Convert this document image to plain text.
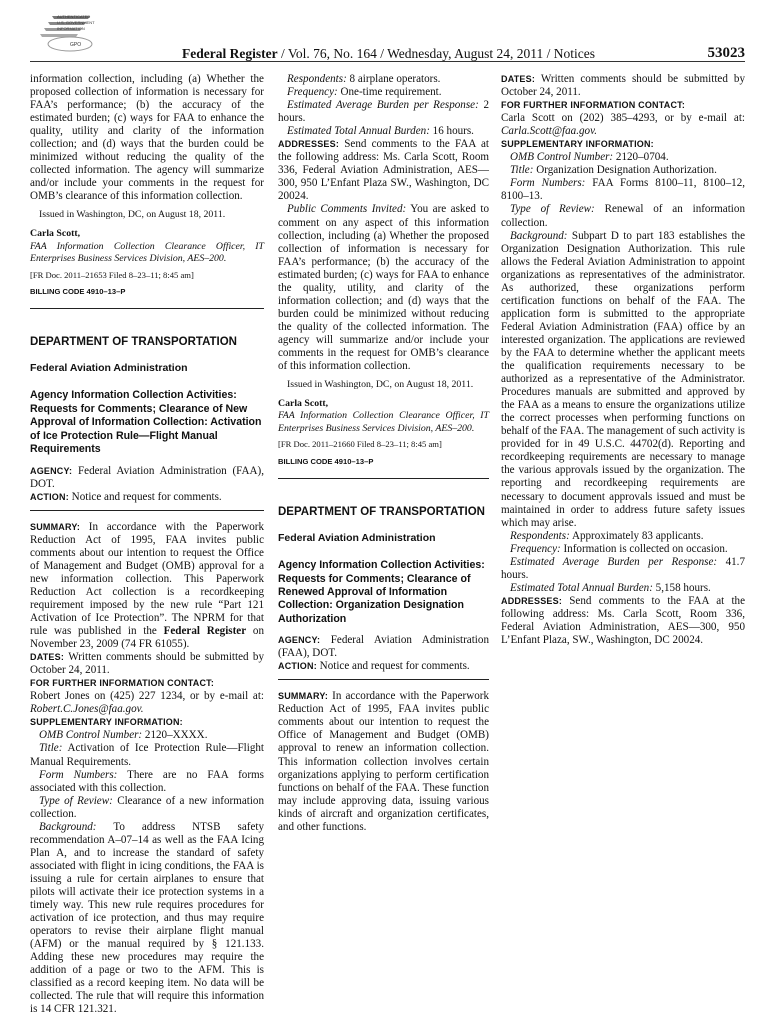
AUTHENTICATED
U.S. GOVERNMENT
INFORMATION
GPO
Federal Register / Vol. 76, No. 164 / Wednesday, August 24, 2011 / Notices	53023

information collection, including (a) Whether the proposed collection of information is necessary for FAA’s performance; (b) the accuracy of the estimated burden; (c) ways for FAA to enhance the quality, utility and clarity of the information collection; and (d) ways that the burden could be minimized without reducing the quality of the collected information. The agency will summarize and/or include your comments in the request for OMB’s clearance of this information collection.

Issued in Washington, DC, on August 18, 2011.

Carla Scott,

FAA Information Collection Clearance Officer, IT Enterprises Business Services Division, AES–200.

[FR Doc. 2011–21653 Filed 8–23–11; 8:45 am]

BILLING CODE 4910–13–P

DEPARTMENT OF TRANSPORTATION

Federal Aviation Administration

Agency Information Collection Activities: Requests for Comments; Clearance of New Approval of Information Collection: Activation of Ice Protection Rule—Flight Manual Requirements

AGENCY: Federal Aviation Administration (FAA), DOT.

ACTION: Notice and request for comments.

SUMMARY: In accordance with the Paperwork Reduction Act of 1995, FAA invites public comments about our intention to request the Office of Management and Budget (OMB) approval for a new information collection. This Paperwork Reduction Act collection is a recordkeeping requirement imposed by the new rule “Part 121 Activation of Ice Protection”. The NPRM for that rule was published in the Federal Register on November 23, 2009 (74 FR 61055).

DATES: Written comments should be submitted by October 24, 2011.

FOR FURTHER INFORMATION CONTACT:

Robert Jones on (425) 227 1234, or by e-mail at: Robert.C.Jones@faa.gov.

SUPPLEMENTARY INFORMATION:

OMB Control Number: 2120–XXXX.

Title: Activation of Ice Protection Rule—Flight Manual Requirements.

Form Numbers: There are no FAA forms associated with this collection.

Type of Review: Clearance of a new information collection.

Background: To address NTSB safety recommendation A–07–14 as well as the FAA Icing Plan A, and to increase the standard of safety associated with flight in icing conditions, the FAA is issuing a rule for certain airplanes to ensure that pilots will activate their ice protection systems in a timely way. This new rule requires procedures for activation of ice protection, and thus may require operators to revise their airplane flight manual (AFM) or the manual required by § 121.133. Adding these new procedures may require the addition of a page or two to the AFM. This is classified as a record keeping item. No data will be collected. The rule that will require this information is 14 CFR 121.321.

Respondents: 8 airplane operators.

Frequency: One-time requirement.

Estimated Average Burden per Response: 2 hours.

Estimated Total Annual Burden: 16 hours.

ADDRESSES: Send comments to the FAA at the following address: Ms. Carla Scott, Room 336, Federal Aviation Administration, AES—300, 950 L’Enfant Plaza SW., Washington, DC 20024.

Public Comments Invited: You are asked to comment on any aspect of this information collection, including (a) Whether the proposed collection of information is necessary for FAA’s performance; (b) the accuracy of the estimated burden; (c) ways for FAA to enhance the quality, utility, and clarity of the information collection; and (d) ways that the burden could be minimized without reducing the quality of the collected information. The agency will summarize and/or include your comments in the request for OMB’s clearance of this information collection.

Issued in Washington, DC, on August 18, 2011.

Carla Scott,

FAA Information Collection Clearance Officer, IT Enterprises Business Services Division, AES–200.

[FR Doc. 2011–21660 Filed 8–23–11; 8:45 am]

BILLING CODE 4910–13–P

DEPARTMENT OF TRANSPORTATION

Federal Aviation Administration

Agency Information Collection Activities: Requests for Comments; Clearance of Renewed Approval of Information Collection: Organization Designation Authorization

AGENCY: Federal Aviation Administration (FAA), DOT.

ACTION: Notice and request for comments.

SUMMARY: In accordance with the Paperwork Reduction Act of 1995, FAA invites public comments about our intention to request the Office of Management and Budget (OMB) approval to renew an information collection. This information collection involves certain organizations applying to perform certification functions on behalf of the FAA. These function may include approving data, issuing various kinds of aircraft and organization certificates, and other functions.

DATES: Written comments should be submitted by October 24, 2011.

FOR FURTHER INFORMATION CONTACT:

Carla Scott on (202) 385–4293, or by e-mail at: Carla.Scott@faa.gov.

SUPPLEMENTARY INFORMATION:

OMB Control Number: 2120–0704.

Title: Organization Designation Authorization.

Form Numbers: FAA Forms 8100–11, 8100–12, 8100–13.

Type of Review: Renewal of an information collection.

Background: Subpart D to part 183 establishes the Organization Designation Authorization. This rule allows the Federal Aviation Administration to appoint organizations as representatives of the administrator. As authorized, these organizations perform certification functions on behalf of the FAA. The application form is submitted to the appropriate Federal Aviation Administration (FAA) office by an interested organization. The applications are reviewed by the FAA to determine whether the applicant meets the qualification requirements necessary to be authorized as a representative of the Administrator. Procedures manuals are submitted and approved by the FAA as a means to ensure the organizations utilize the correct processes when performing functions on behalf of the FAA. The management of such activity is provided for in 49 U.S.C. 44702(d). Reporting and recordkeeping requirements are necessary to manage the various approvals issued by the organization. The reporting and recordkeeping requirements are necessary to document approvals issued and must be maintained in order to address future safety issues which may arise.

Respondents: Approximately 83 applicants.

Frequency: Information is collected on occasion.

Estimated Average Burden per Response: 41.7 hours.

Estimated Total Annual Burden: 5,158 hours.

ADDRESSES: Send comments to the FAA at the following address: Ms. Carla Scott, Room 336, Federal Aviation Administration, AES—300, 950 L’Enfant Plaza, SW., Washington, DC 20024.
